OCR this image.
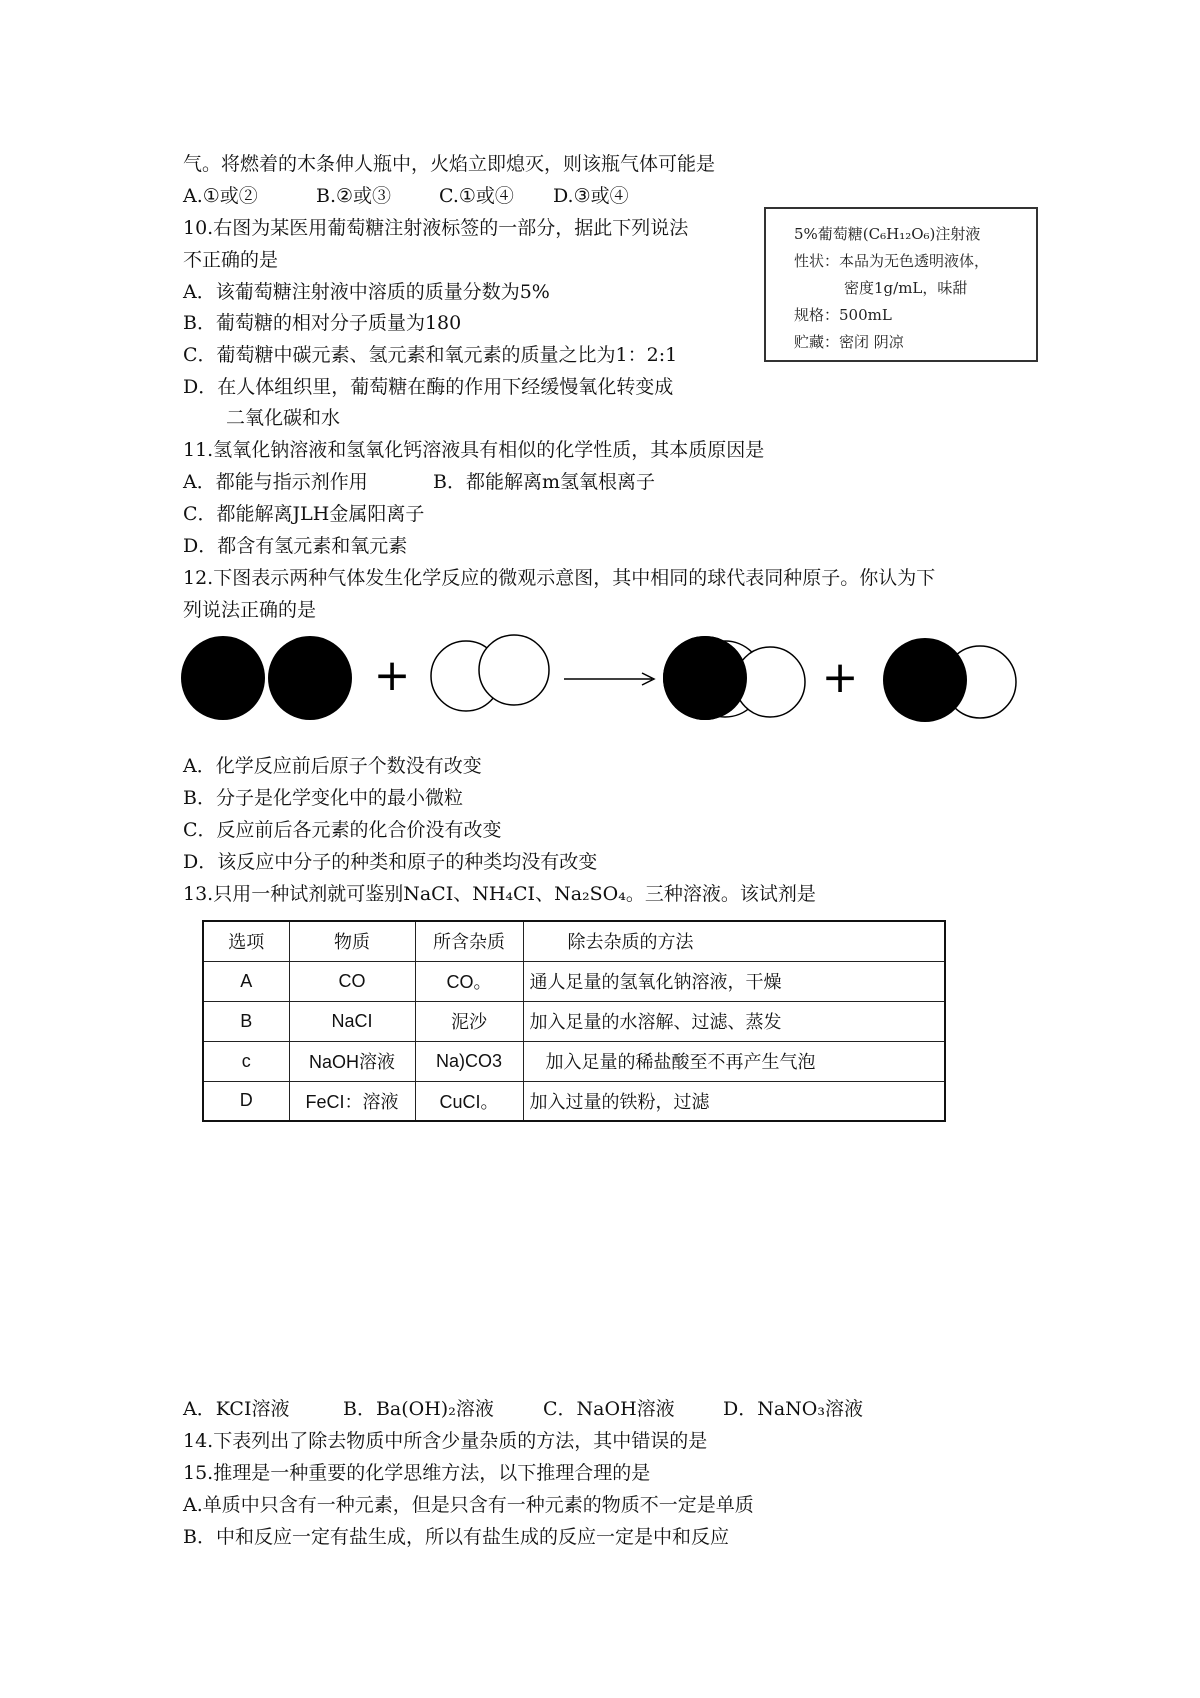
气。将燃着的木条伸人瓶中，火焰立即熄灭，则该瓶气体可能是
A.①或②	B.②或③	C.①或④ D.③或④
10.右图为某医用葡萄糖注射液标签的一部分，据此下列说法
不正确的是
A．该葡萄糖注射液中溶质的质量分数为5%
B．葡萄糖的相对分子质量为180
C．葡萄糖中碳元素、氢元素和氧元素的质量之比为1：2:1
D．在人体组织里，葡萄糖在酶的作用下经缓慢氧化转变成
二氧化碳和水
5%葡萄糖(C₆H₁₂O₆)注射液
性状：本品为无色透明液体，
密度1g/mL，味甜
规格：500mL
贮藏：密闭 阴凉
11.氢氧化钠溶液和氢氧化钙溶液具有相似的化学性质，其本质原因是
A．都能与指示剂作用	B．都能解离m氢氧根离子
C．都能解离JLH金属阳离子
D．都含有氢元素和氧元素
12.下图表示两种气体发生化学反应的微观示意图，其中相同的球代表同种原子。你认为下
列说法正确的是
+	+
A．化学反应前后原子个数没有改变
B．分子是化学变化中的最小微粒
C．反应前后各元素的化合价没有改变
D．该反应中分子的种类和原子的种类均没有改变
13.只用一种试剂就可鉴别NaCI、NH₄CI、Na₂SO₄。三种溶液。该试剂是
选项	物质	所含杂质	除去杂质的方法
A	CO	CO。	通人足量的氢氧化钠溶液，干燥
B	NaCI	泥沙	加入足量的水溶解、过滤、蒸发
c	NaOH溶液	Na)CO3	加入足量的稀盐酸至不再产生气泡
D	FeCI：溶液	CuCI。	加入过量的铁粉，过滤
A．KCI溶液	B．Ba(OH)₂溶液	C．NaOH溶液	D．NaNO₃溶液
14.下表列出了除去物质中所含少量杂质的方法，其中错误的是
15.推理是一种重要的化学思维方法，以下推理合理的是
A.单质中只含有一种元素，但是只含有一种元素的物质不一定是单质
B．中和反应一定有盐生成，所以有盐生成的反应一定是中和反应
